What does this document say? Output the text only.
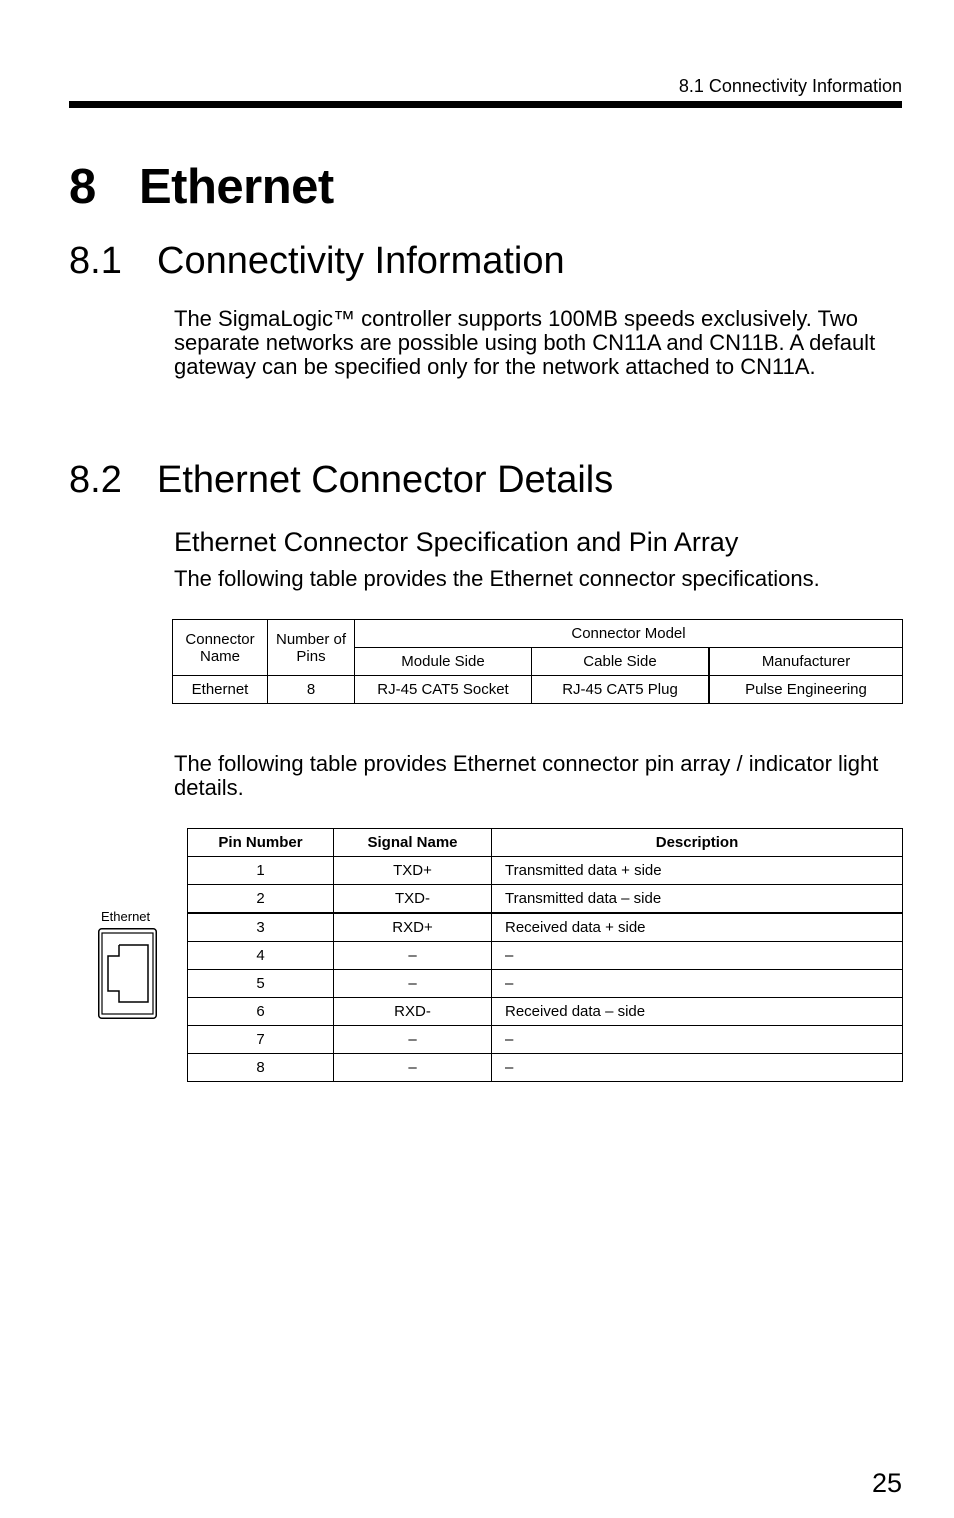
8.1 Connectivity Information
8 Ethernet
8.1 Connectivity Information

The SigmaLogic™ controller supports 100MB speeds exclusively. Two separate networks are possible using both CN11A and CN11B. A default gateway can be specified only for the network attached to CN11A.

8.2 Ethernet Connector Details
Ethernet Connector Specification and Pin Array

The following table provides the Ethernet connector specifications.

Connector Name	Number of Pins	Connector Model		
		Module Side	Cable Side	Manufacturer
Ethernet	8	RJ-45 CAT5 Socket	RJ-45 CAT5 Plug	Pulse Engineering

The following table provides Ethernet connector pin array / indicator light details.

Ethernet
Pin Number	Signal Name	Description
1	TXD+	Transmitted data + side
2	TXD-	Transmitted data – side
3	RXD+	Received data + side
4	–	–
5	–	–
6	RXD-	Received data – side
7	–	–
8	–	–
25
